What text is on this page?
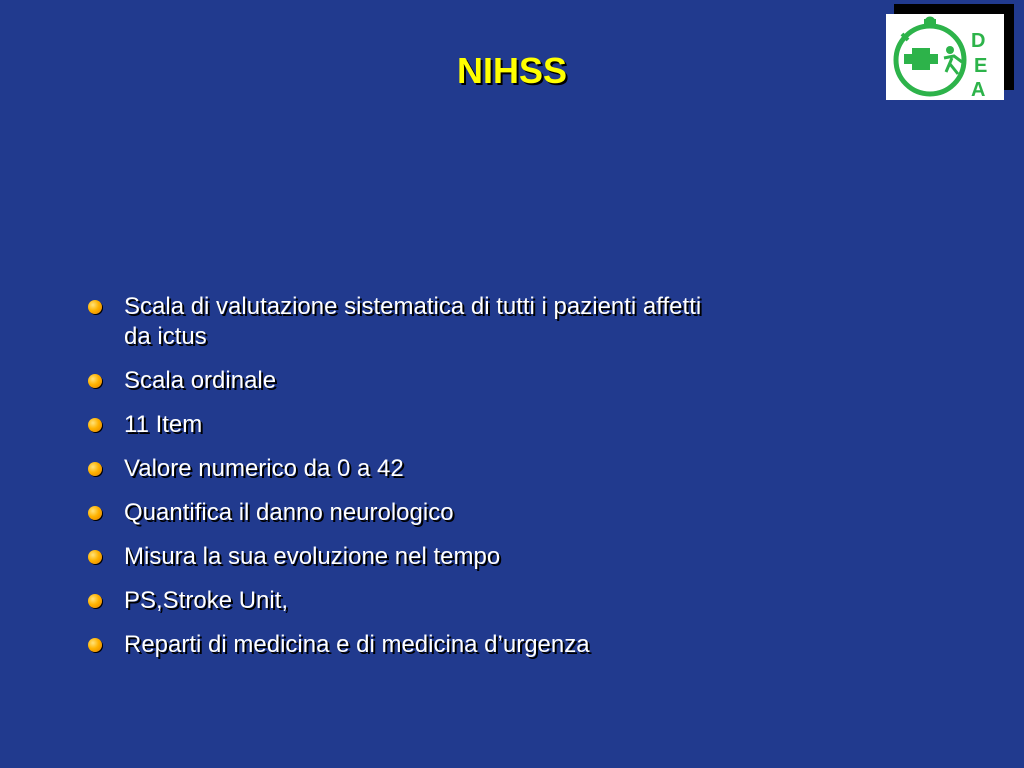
NIHSS
D
E
A
Scala di valutazione sistematica di tutti i pazienti affetti da ictus
Scala ordinale
11 Item
Valore numerico da 0 a 42
Quantifica il danno neurologico
Misura la sua evoluzione nel tempo
PS,Stroke Unit,
Reparti di medicina e di medicina d’urgenza
